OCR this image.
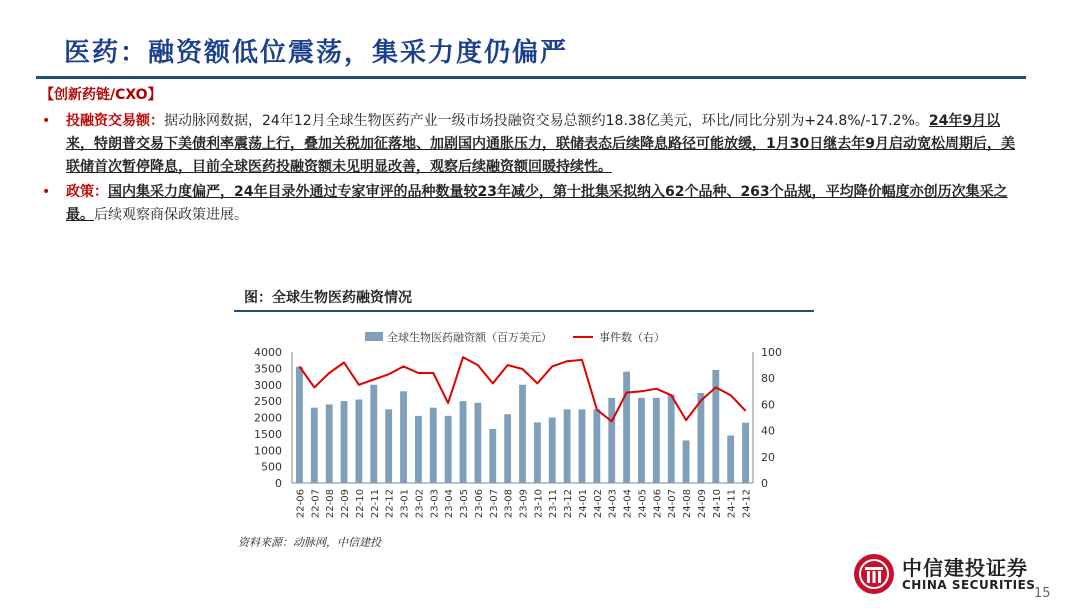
医药：融资额低位震荡，集采力度仍偏严
【创新药链/CXO】
• 投融资交易额：据动脉网数据，24年12月全球生物医药产业一级市场投融资交易总额约18.38亿美元，环比/同比分别为+24.8%/-17.2%。24年9月以来，特朗普交易下美债利率震荡上行，叠加关税加征落地、加剧国内通胀压力，联储表态后续降息路径可能放缓，1月30日继去年9月启动宽松周期后，美联储首次暂停降息，目前全球医药投融资额未见明显改善，观察后续融资额回暖持续性。
• 政策：国内集采力度偏严，24年目录外通过专家审评的品种数量较23年减少，第十批集采拟纳入62个品种、263个品规，平均降价幅度亦创历次集采之最。后续观察商保政策进展。
图：全球生物医药融资情况
全球生物医药融资额（百万美元）	事件数（右）
0
500
1000
1500
2000
2500
3000
3500
4000
0
20
40
60
80
100
22-06 22-07 22-08 22-09 22-10 22-11 22-12 23-01 23-02 23-03 23-04 23-05 23-06 23-07 23-08 23-09 23-10 23-11 23-12 24-01 24-02 24-03 24-04 24-05 24-06 24-07 24-08 24-09 24-10 24-11 24-12
资料来源：动脉网，中信建投
中信建投证券
CHINA SECURITIES
15
